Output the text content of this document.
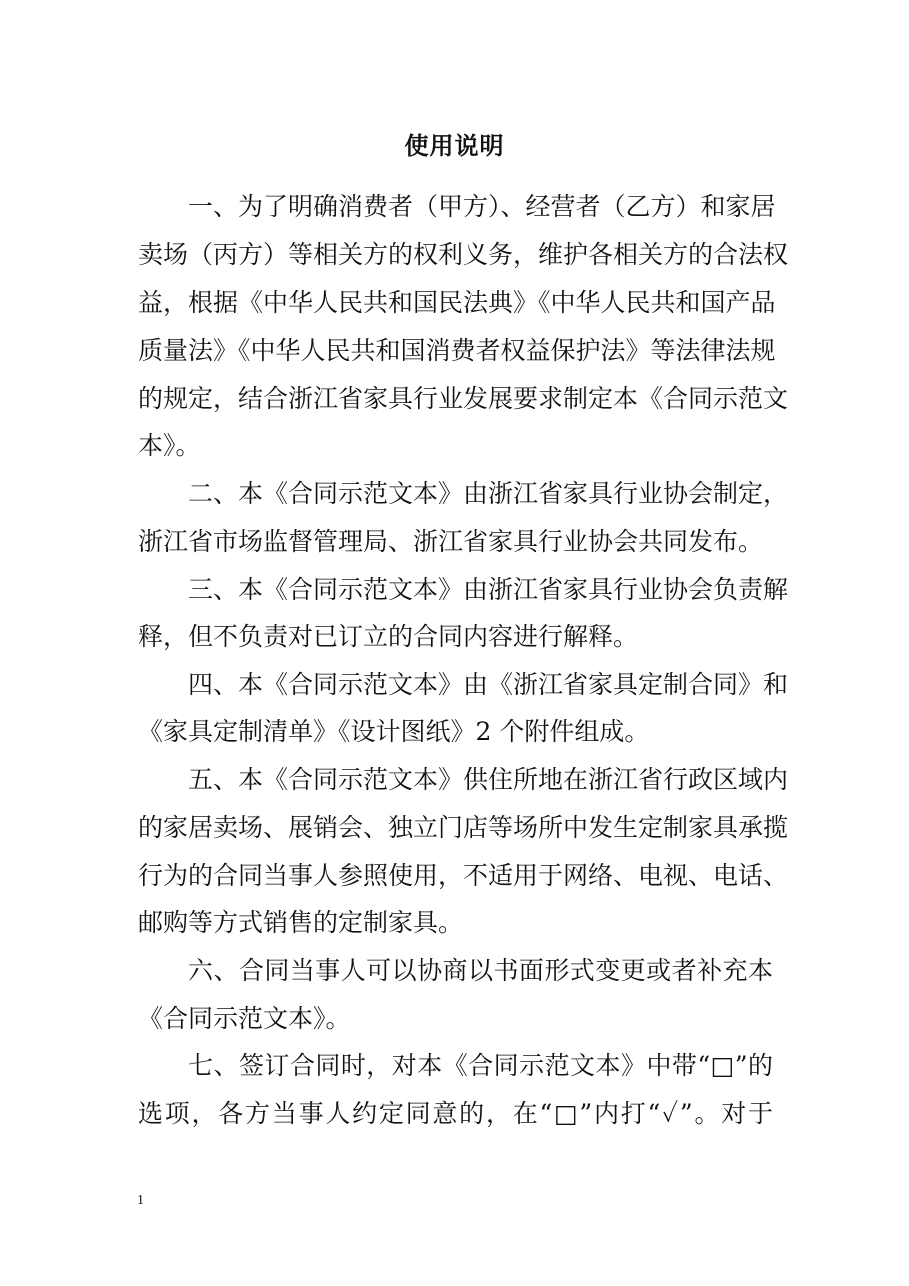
使用说明
一、为了明确消费者（甲方）、经营者（乙方）和家居
卖场（丙方）等相关方的权利义务，维护各相关方的合法权
益，根据《中华人民共和国民法典》《中华人民共和国产品
质量法》《中华人民共和国消费者权益保护法》等法律法规
的规定，结合浙江省家具行业发展要求制定本《合同示范文
本》。
二、本《合同示范文本》由浙江省家具行业协会制定，
浙江省市场监督管理局、浙江省家具行业协会共同发布。
三、本《合同示范文本》由浙江省家具行业协会负责解
释，但不负责对已订立的合同内容进行解释。
四、本《合同示范文本》由《浙江省家具定制合同》和
《家具定制清单》《设计图纸》2 个附件组成。
五、本《合同示范文本》供住所地在浙江省行政区域内
的家居卖场、展销会、独立门店等场所中发生定制家具承揽
行为的合同当事人参照使用，不适用于网络、电视、电话、
邮购等方式销售的定制家具。
六、合同当事人可以协商以书面形式变更或者补充本
《合同示范文本》。
七、签订合同时，对本《合同示范文本》中带“□”的
选项，各方当事人约定同意的，在“□”内打“✓”。对于
1
